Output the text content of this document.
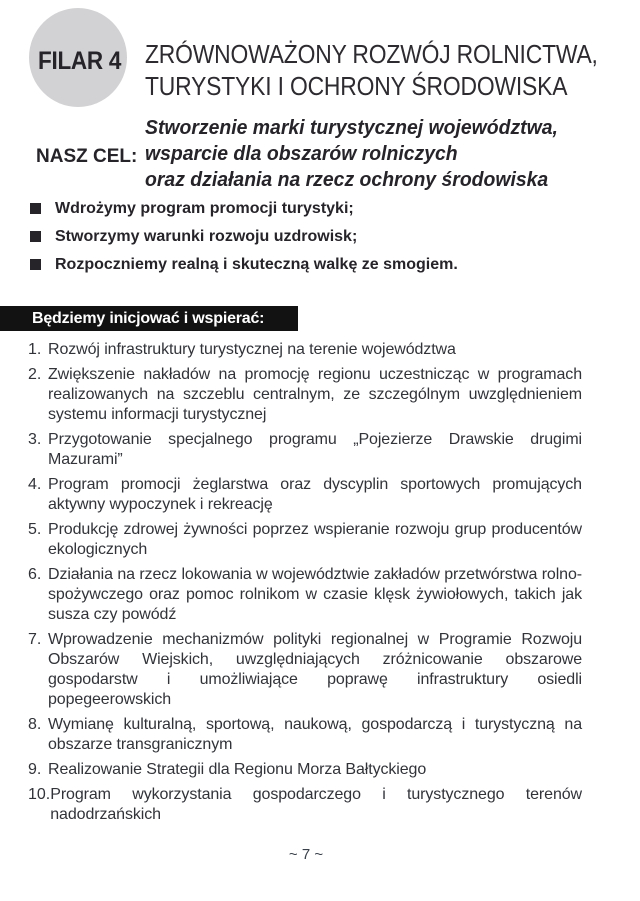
FILAR 4 ZRÓWNOWAŻONY ROZWÓJ ROLNICTWA,
TURYSTYKI I OCHRONY ŚRODOWISKA
NASZ CEL:
Stworzenie marki turystycznej województwa,
wsparcie dla obszarów rolniczych
oraz działania na rzecz ochrony środowiska
Wdrożymy program promocji turystyki;
Stworzymy warunki rozwoju uzdrowisk;
Rozpoczniemy realną i skuteczną walkę ze smogiem.
Będziemy inicjować i wspierać:
1. Rozwój infrastruktury turystycznej na terenie województwa
2. Zwiększenie nakładów na promocję regionu uczestnicząc w programach realizowanych na szczeblu centralnym, ze szczególnym uwzględnieniem systemu informacji turystycznej
3. Przygotowanie specjalnego programu „Pojezierze Drawskie drugimi Mazurami”
4. Program promocji żeglarstwa oraz dyscyplin sportowych promujących aktywny wypoczynek i rekreację
5. Produkcję zdrowej żywności poprzez wspieranie rozwoju grup producentów ekologicznych
6. Działania na rzecz lokowania w województwie zakładów przetwórstwa rolno-spożywczego oraz pomoc rolnikom w czasie klęsk żywiołowych, takich jak susza czy powódź
7. Wprowadzenie mechanizmów polityki regionalnej w Programie Rozwoju Obszarów Wiejskich, uwzględniających zróżnicowanie obszarowe gospodarstw i umożliwiające poprawę infrastruktury osiedli popegeerowskich
8. Wymianę kulturalną, sportową, naukową, gospodarczą i turystyczną na obszarze transgranicznym
9. Realizowanie Strategii dla Regionu Morza Bałtyckiego
10. Program wykorzystania gospodarczego i turystycznego terenów nadodrzańskich
~ 7 ~
